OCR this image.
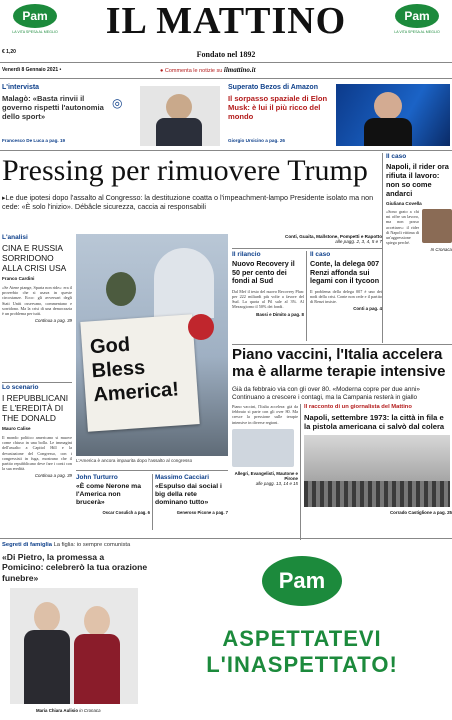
Pam
LA VITA SPESA AL MEGLIO	IL MATTINO	Pam
LA VITA SPESA AL MEGLIO
€ 1,20	Fondato nel 1892
Venerdì 8 Gennaio 2021 •	● Commenta le notizie su ilmattino.it
L'intervista
Malagò: «Basta rinvii il governo rispetti l'autonomia dello sport»
Francesco De Luca a pag. 19
◎
Superato Bezos di Amazon
Il sorpasso spaziale di Elon Musk: è lui il più ricco del mondo
Giorgio Ursicino a pag. 26
Pressing per rimuovere Trump
▸Le due ipotesi dopo l'assalto al Congresso: la destituzione coatta o l'impeachment-lampo Presidente isolato ma non cede: «È solo l'inizio». Débâcle sicurezza, caccia ai responsabili
Il caso
Napoli, il rider ora rifiuta il lavoro: non so come andarci
Giuliana Covella
«Sono grato a chi mi offre un lavoro, ma non posso accettare»: il rider di Napoli vittima di un'aggressione spiega perché.
In Cronaca
L'analisi
CINA E RUSSIA SORRIDONO ALLA CRISI USA
Franco Cardini
«Se Atene piange, Sparta non ride»: era il proverbio che si usava in queste circostanze. Ecco: gli avversari degli Stati Uniti osservano, commentano e sorridono. Ma la crisi di una democrazia è un problema per tutti.
Continua a pag. 39
Lo scenario
I REPUBBLICANI E L'EREDITÀ DI THE DONALD
Mauro Calise
Il mondo politico americano si muove come chiuso in una bolla. Le immagini dell'assalto a Capitol Hill e la devastazione del Congresso, con i congressisti in fuga, mostrano che il partito repubblicano deve fare i conti con la sua eredità.
Continua a pag. 39
God Bless America!
L'America è ancora impaurita dopo l'assalto al congresso
Conti, Guaita, Mallstone, Pompetti e Rapotto
alle pagg. 2, 3, 4, 5 e 7
Il rilancio
Nuovo Recovery il 50 per cento dei fondi al Sud
Dal Mef il testo del nuovo Recovery Plan: per 222 miliardi più volte a favore del Sud. La quota al Pil sale al 3%. Al Mezzogiorno il 50% dei fondi.
Bassi e Dimito a pag. 8
Il caso
Conte, la delega 007 Renzi affonda sui legami con il tycoon
Il problema della delega 007 è uno dei nodi della crisi. Conte non cede e il partito di Renzi insiste.
Conti a pag. 4
Piano vaccini, l'Italia accelera ma è allarme terapie intensive
Già da febbraio via con gli over 80. «Moderna copre per due anni» Continuano a crescere i contagi, ma la Campania resterà in giallo
Piano vaccini, l'Italia accelera: già da febbraio si parte con gli over 80. Ma cresce la pressione sulle terapie intensive in diverse regioni.
Allegri, Evangelisti, Mautone e Pirone
alle pagg. 13, 14 e 15
Il racconto di un giornalista del Mattino
Napoli, settembre 1973: la città in fila e la pistola americana ci salvò dal colera
Corrado Castiglione a pag. 25
John Turturro
«È come Nerone ma l'America non brucerà»
Oscar Cosulich a pag. 6
Massimo Cacciari
«Espulso dai social i big della rete dominano tutto»
Generoso Picone a pag. 7
Segreti di famiglia La figlia: io sempre comunista
«Di Pietro, la promessa a Pomicino: celebrerò la tua orazione funebre»
Maria Chiara Aulisio in Cronaca
Pam
ASPETTATEVI
L'INASPETTATO!
